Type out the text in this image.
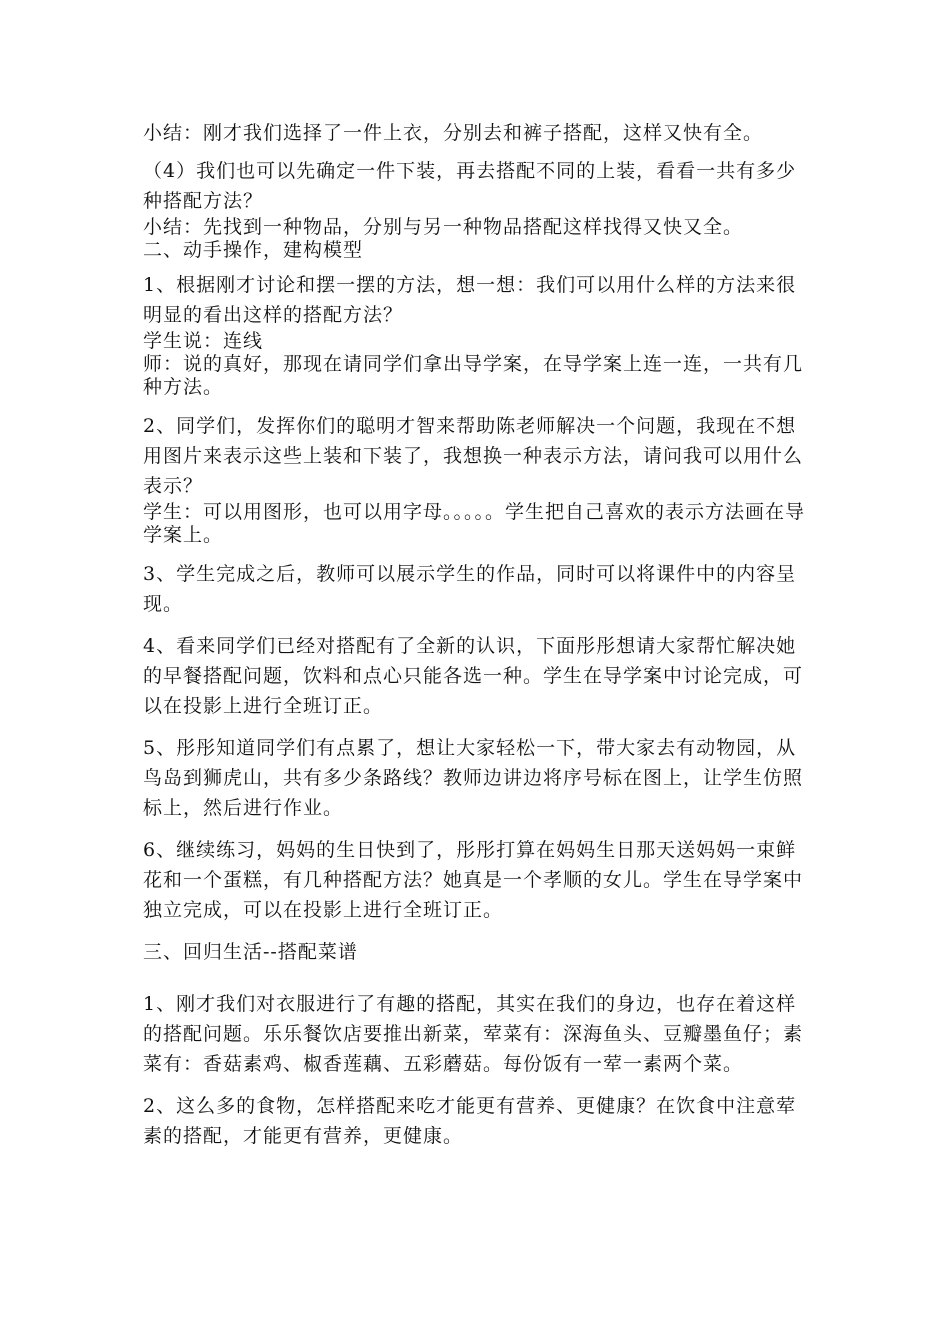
小结：刚才我们选择了一件上衣，分别去和裤子搭配，这样又快有全。

（4）我们也可以先确定一件下装，再去搭配不同的上装，看看一共有多少种搭配方法？

小结：先找到一种物品，分别与另一种物品搭配这样找得又快又全。

二、动手操作，建构模型

1、根据刚才讨论和摆一摆的方法，想一想：我们可以用什么样的方法来很明显的看出这样的搭配方法？

学生说：连线

师：说的真好，那现在请同学们拿出导学案，在导学案上连一连，一共有几种方法。

2、同学们，发挥你们的聪明才智来帮助陈老师解决一个问题，我现在不想用图片来表示这些上装和下装了，我想换一种表示方法，请问我可以用什么表示？

学生：可以用图形，也可以用字母。。。。。学生把自己喜欢的表示方法画在导学案上。

3、学生完成之后，教师可以展示学生的作品，同时可以将课件中的内容呈现。

4、看来同学们已经对搭配有了全新的认识，下面彤彤想请大家帮忙解决她的早餐搭配问题，饮料和点心只能各选一种。学生在导学案中讨论完成，可以在投影上进行全班订正。

5、彤彤知道同学们有点累了，想让大家轻松一下，带大家去有动物园，从鸟岛到狮虎山，共有多少条路线？教师边讲边将序号标在图上，让学生仿照标上，然后进行作业。

6、继续练习，妈妈的生日快到了，彤彤打算在妈妈生日那天送妈妈一束鲜花和一个蛋糕，有几种搭配方法？她真是一个孝顺的女儿。学生在导学案中独立完成，可以在投影上进行全班订正。

三、回归生活--搭配菜谱

1、刚才我们对衣服进行了有趣的搭配，其实在我们的身边，也存在着这样的搭配问题。乐乐餐饮店要推出新菜，荤菜有：深海鱼头、豆瓣墨鱼仔；素菜有：香菇素鸡、椒香莲藕、五彩蘑菇。每份饭有一荤一素两个菜。

2、这么多的食物，怎样搭配来吃才能更有营养、更健康？在饮食中注意荤素的搭配，才能更有营养，更健康。
